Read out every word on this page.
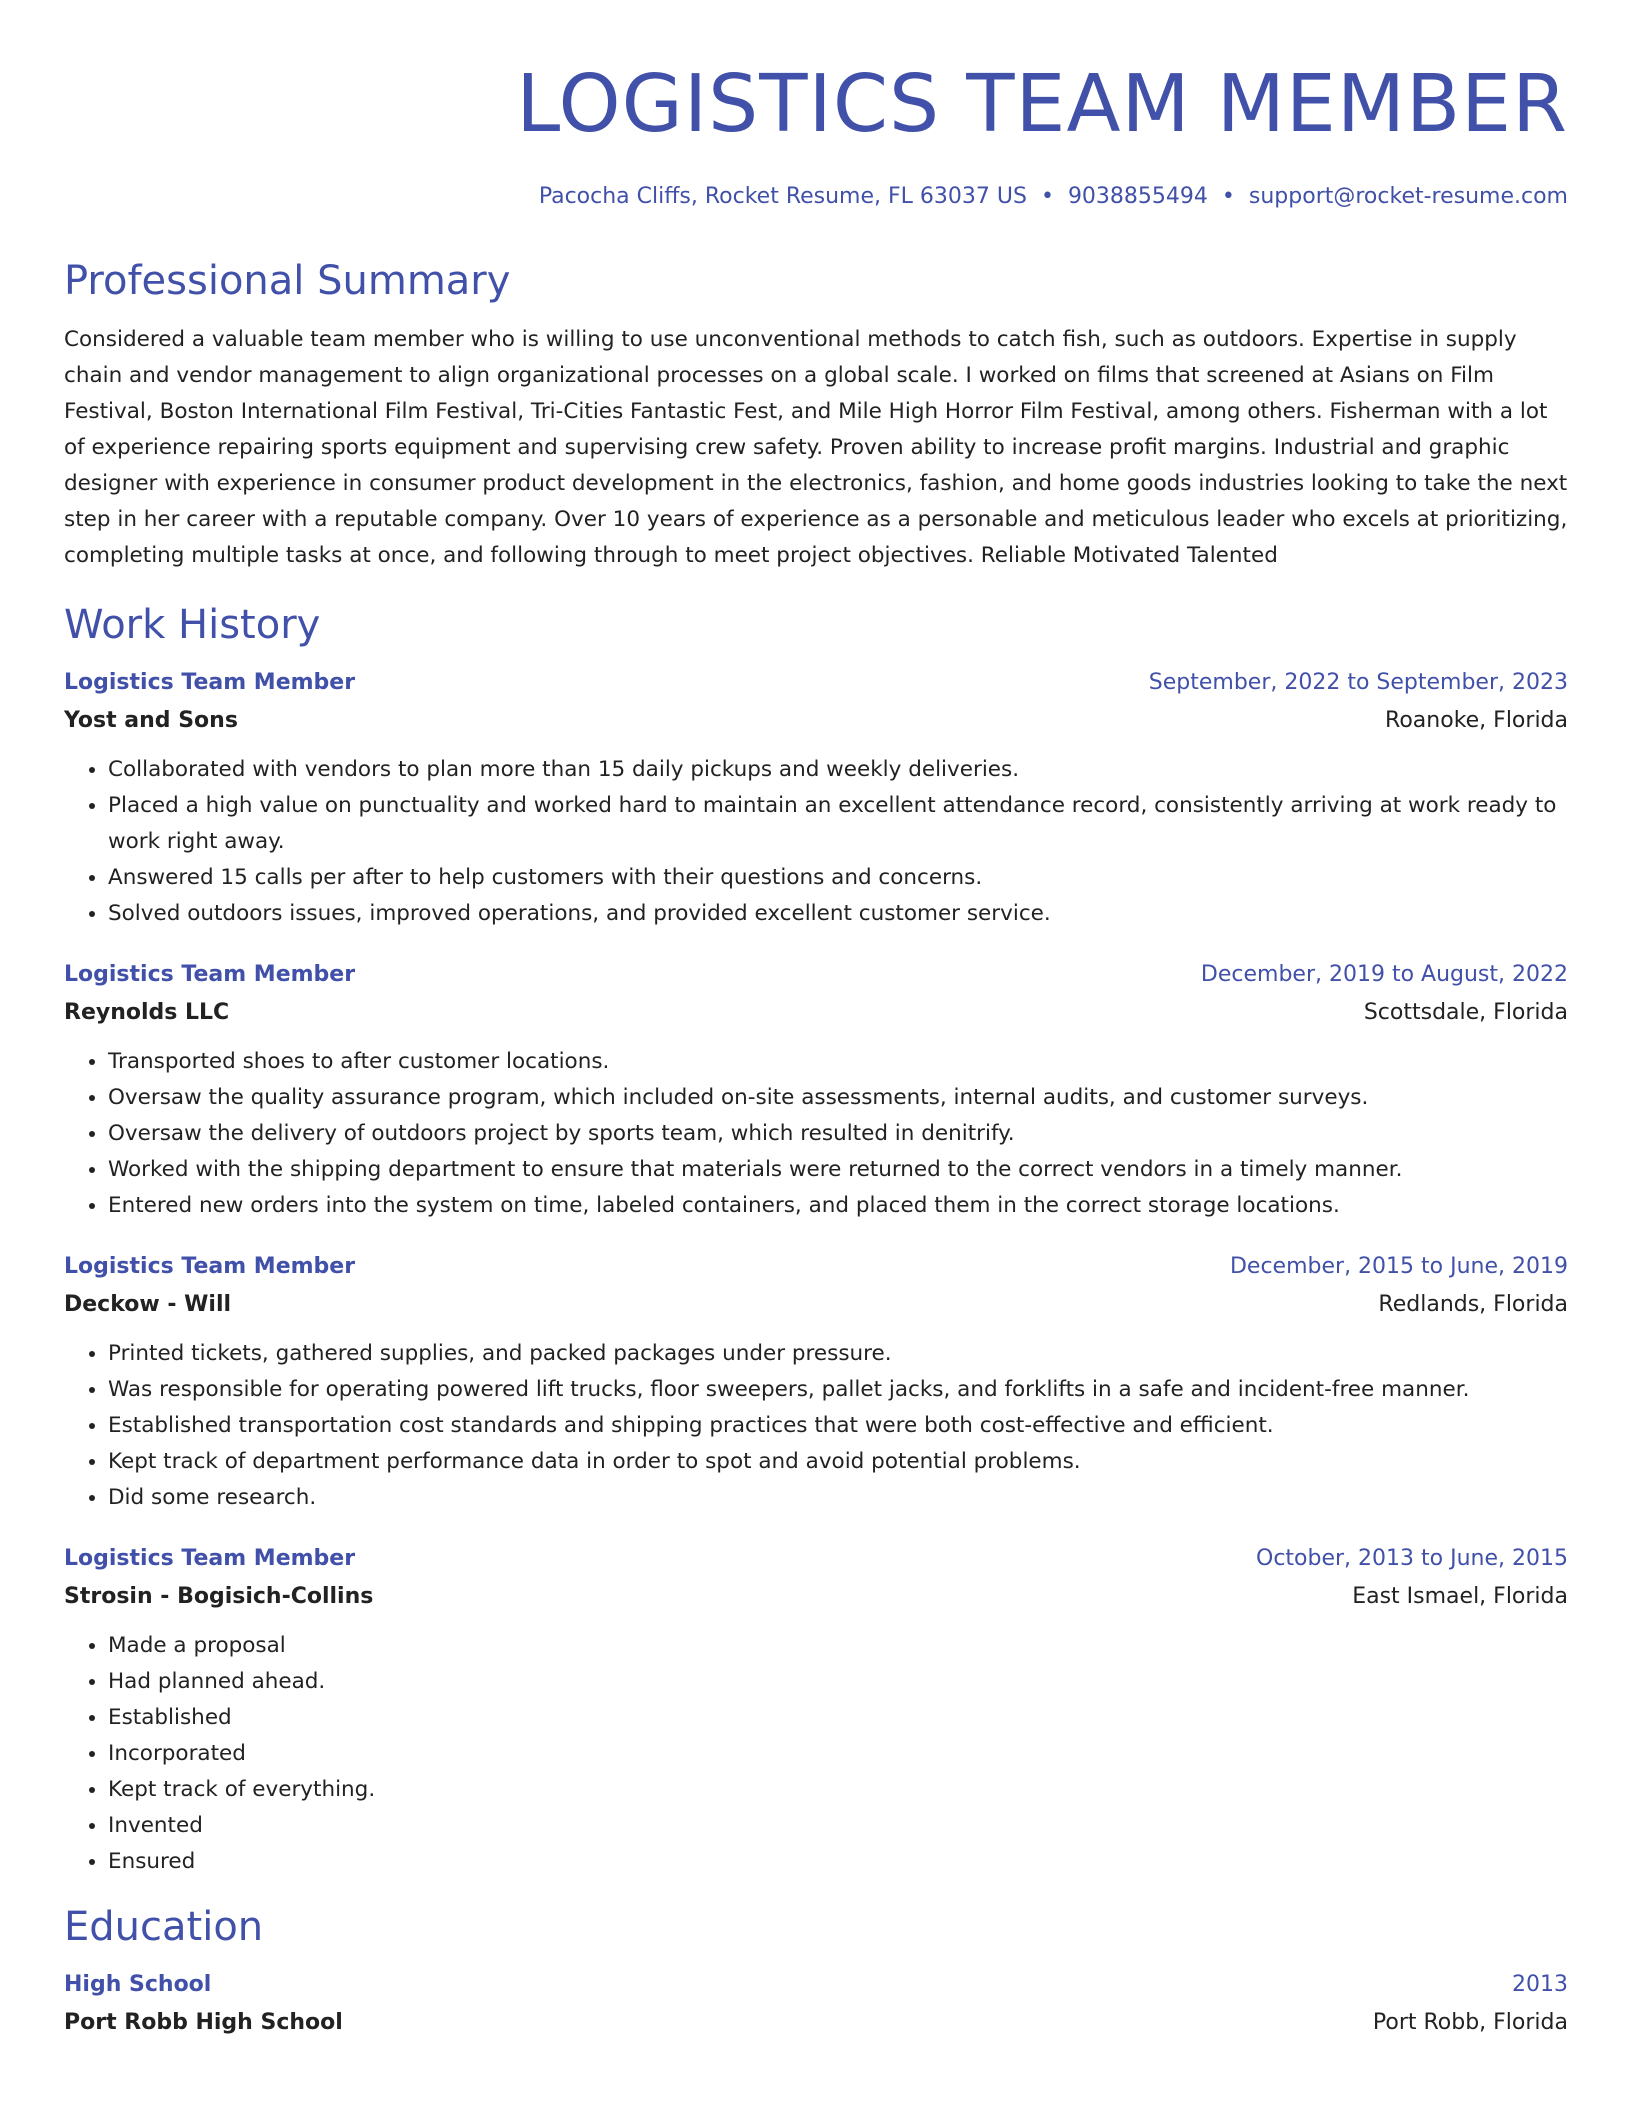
LOGISTICS TEAM MEMBER
Pacocha Cliffs, Rocket Resume, FL 63037 US • 9038855494 • support@rocket-resume.com
Professional Summary
Considered a valuable team member who is willing to use unconventional methods to catch fish, such as outdoors. Expertise in supply chain and vendor management to align organizational processes on a global scale. I worked on films that screened at Asians on Film Festival, Boston International Film Festival, Tri-Cities Fantastic Fest, and Mile High Horror Film Festival, among others. Fisherman with a lot of experience repairing sports equipment and supervising crew safety. Proven ability to increase profit margins. Industrial and graphic designer with experience in consumer product development in the electronics, fashion, and home goods industries looking to take the next step in her career with a reputable company. Over 10 years of experience as a personable and meticulous leader who excels at prioritizing, completing multiple tasks at once, and following through to meet project objectives. Reliable Motivated Talented
Work History
Logistics Team Member	September, 2022 to September, 2023
Yost and Sons	Roanoke, Florida
• Collaborated with vendors to plan more than 15 daily pickups and weekly deliveries.
• Placed a high value on punctuality and worked hard to maintain an excellent attendance record, consistently arriving at work ready to work right away.
• Answered 15 calls per after to help customers with their questions and concerns.
• Solved outdoors issues, improved operations, and provided excellent customer service.
Logistics Team Member	December, 2019 to August, 2022
Reynolds LLC	Scottsdale, Florida
• Transported shoes to after customer locations.
• Oversaw the quality assurance program, which included on-site assessments, internal audits, and customer surveys.
• Oversaw the delivery of outdoors project by sports team, which resulted in denitrify.
• Worked with the shipping department to ensure that materials were returned to the correct vendors in a timely manner.
• Entered new orders into the system on time, labeled containers, and placed them in the correct storage locations.
Logistics Team Member	December, 2015 to June, 2019
Deckow - Will	Redlands, Florida
• Printed tickets, gathered supplies, and packed packages under pressure.
• Was responsible for operating powered lift trucks, floor sweepers, pallet jacks, and forklifts in a safe and incident-free manner.
• Established transportation cost standards and shipping practices that were both cost-effective and efficient.
• Kept track of department performance data in order to spot and avoid potential problems.
• Did some research.
Logistics Team Member	October, 2013 to June, 2015
Strosin - Bogisich-Collins	East Ismael, Florida
• Made a proposal
• Had planned ahead.
• Established
• Incorporated
• Kept track of everything.
• Invented
• Ensured
Education
High School	2013
Port Robb High School	Port Robb, Florida
